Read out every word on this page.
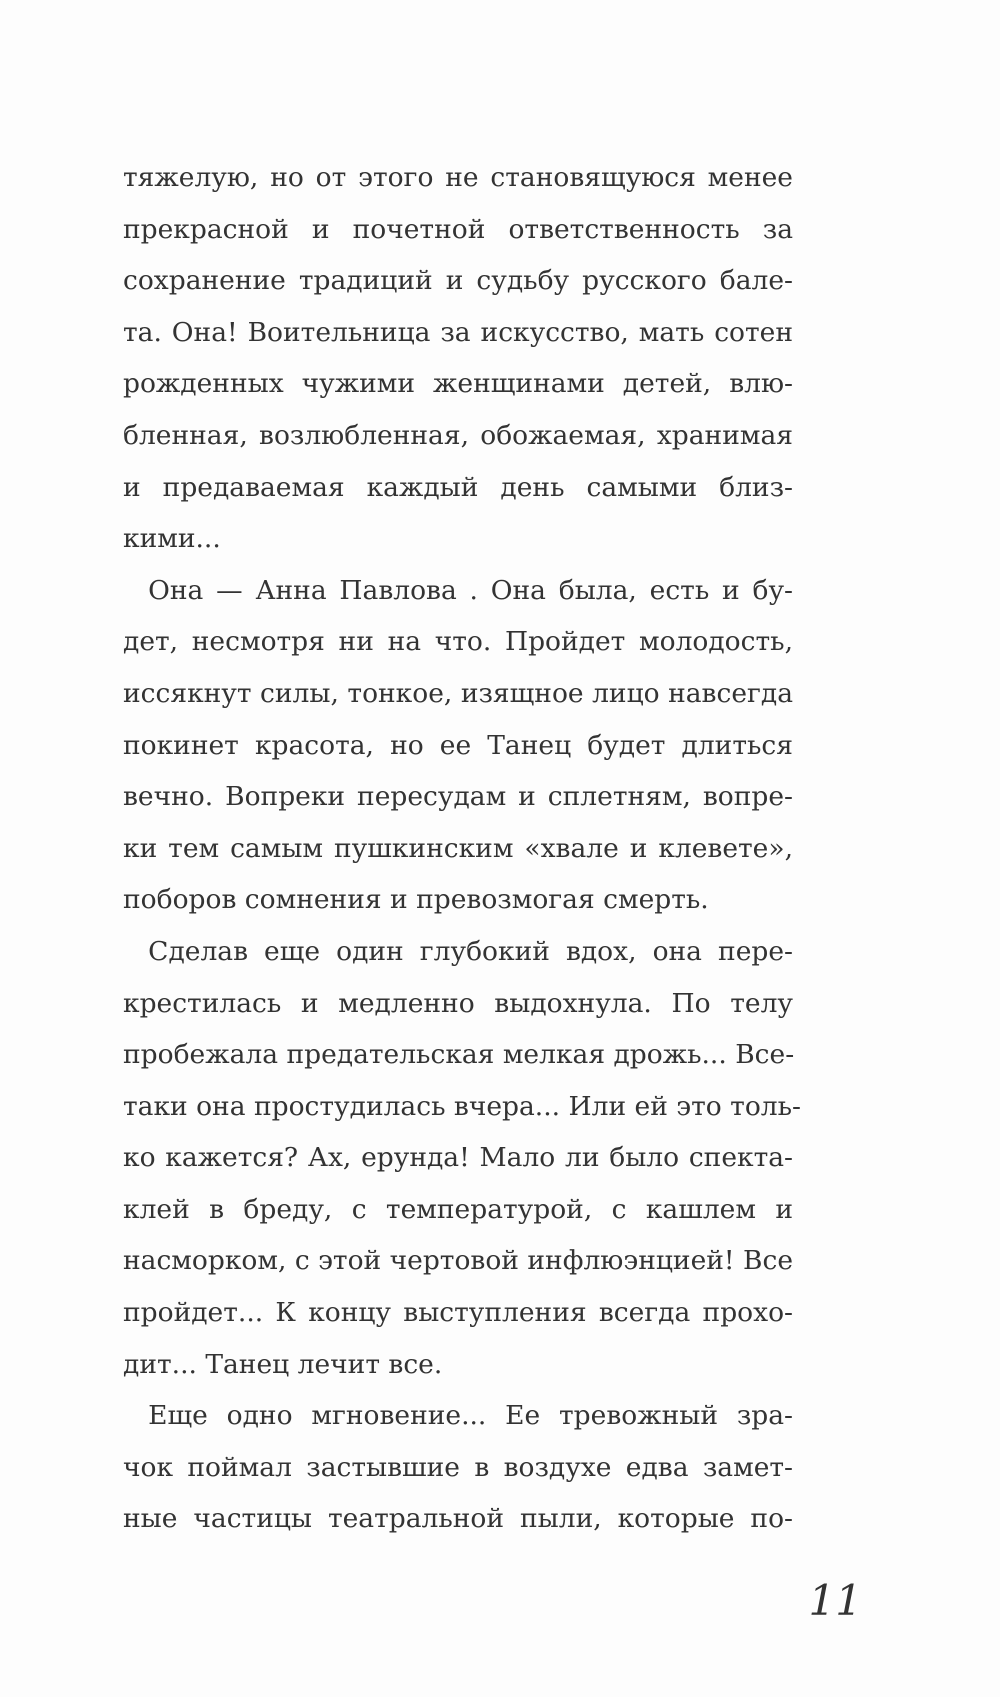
тяжелую, но от этого не становящуюся менее
прекрасной и почетной ответственность за
сохранение традиций и судьбу русского бале-
та. Она! Воительница за искусство, мать сотен
рожденных чужими женщинами детей, влю-
бленная, возлюбленная, обожаемая, хранимая
и предаваемая каждый день самыми близ-
кими...

Она — Анна Павлова . Она была, есть и бу-
дет, несмотря ни на что. Пройдет молодость,
иссякнут силы, тонкое, изящное лицо навсегда
покинет красота, но ее Танец будет длиться
вечно. Вопреки пересудам и сплетням, вопре-
ки тем самым пушкинским «хвале и клевете»,
поборов сомнения и превозмогая смерть.

Сделав еще один глубокий вдох, она пере-
крестилась и медленно выдохнула. По телу
пробежала предательская мелкая дрожь... Все-
таки она простудилась вчера... Или ей это толь-
ко кажется? Ах, ерунда! Мало ли было спекта-
клей в бреду, с температурой, с кашлем и
насморком, с этой чертовой инфлюэнцией! Все
пройдет... К концу выступления всегда прохо-
дит... Танец лечит все.

Еще одно мгновение... Ее тревожный зра-
чок поймал застывшие в воздухе едва замет-
ные частицы театральной пыли, которые по-

11
